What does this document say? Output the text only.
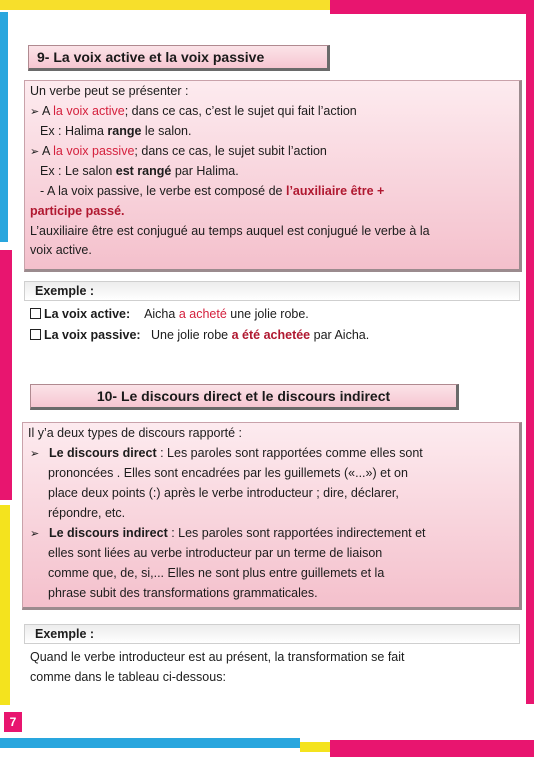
9- La voix active et la voix passive
Un verbe peut se présenter :
➢ A la voix active; dans ce cas, c’est le sujet qui fait l’action
Ex : Halima range le salon.
➢ A la voix passive; dans ce cas, le sujet subit l’action
Ex : Le salon est rangé par Halima.
- A la voix passive, le verbe est composé de l’auxiliaire être +
participe passé.
L’auxiliaire être est conjugué au temps auquel est conjugué le verbe à la
voix active.
Exemple :
La voix active: Aicha a acheté une jolie robe.
La voix passive: Une jolie robe a été achetée par Aicha.
10- Le discours direct et le discours indirect
Il y’a deux types de discours rapporté :
➢ Le discours direct : Les paroles sont rapportées comme elles sont
prononcées . Elles sont encadrées par les guillemets («...») et on
place deux points (:) après le verbe introducteur ; dire, déclarer,
répondre, etc.
➢ Le discours indirect : Les paroles sont rapportées indirectement et
elles sont liées au verbe introducteur par un terme de liaison
comme que, de, si,... Elles ne sont plus entre guillemets et la
phrase subit des transformations grammaticales.
Exemple :
Quand le verbe introducteur est au présent, la transformation se fait
comme dans le tableau ci-dessous:
7
